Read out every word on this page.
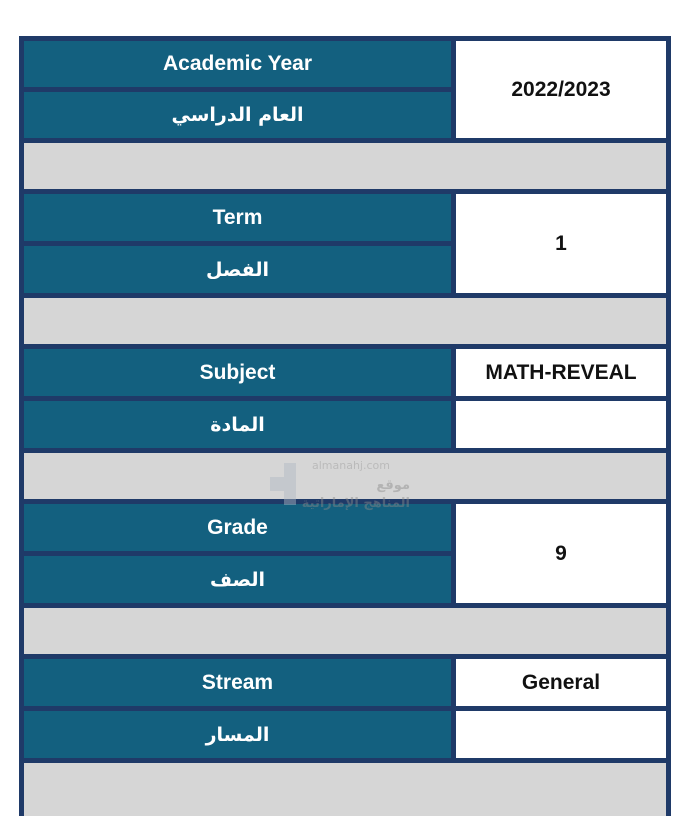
Academic Year
العام الدراسي
2022/2023
Term
الفصل
1
Subject
المادة
MATH-REVEAL
Grade
الصف
9
Stream
المسار
General
almanahj.com
موقع
المناهج الإماراتية
